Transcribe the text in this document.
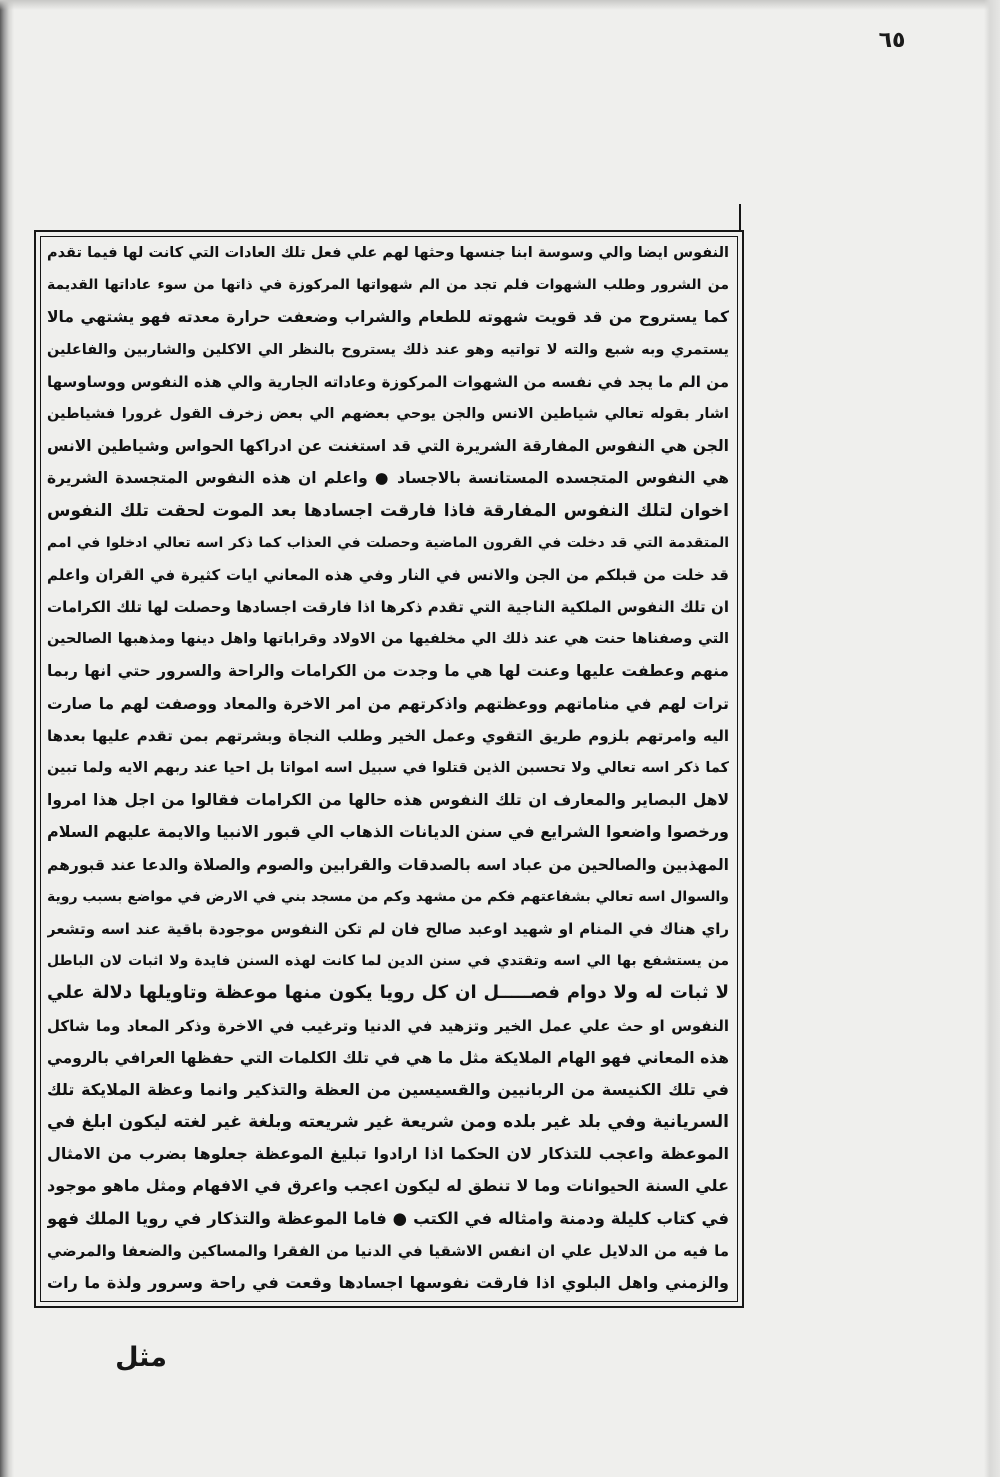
٦٥
النفوس ايضا والي وسوسة ابنا جنسها وحثها لهم علي فعل تلك العادات التي كانت لها فيما تقدم
من الشرور وطلب الشهوات فلم تجد من الم شهواتها المركوزة في ذاتها من سوء عاداتها القديمة
كما يستروح من قد قويت شهوته للطعام والشراب وضعفت حرارة معدته فهو يشتهي مالا
يستمري وبه شبع والته لا تواتيه وهو عند ذلك يستروح بالنظر الي الاكلين والشاربين والفاعلين
من الم ما يجد في نفسه من الشهوات المركوزة وعاداته الجارية والي هذه النفوس ووساوسها
اشار بقوله تعالي شياطين الانس والجن يوحي بعضهم الي بعض زخرف القول غرورا فشياطين
الجن هي النفوس المفارقة الشريرة التي قد استغنت عن ادراكها الحواس وشياطين الانس
هي النفوس المتجسده المستانسة بالاجساد ● واعلم ان هذه النفوس المتجسدة الشريرة
اخوان لتلك النفوس المفارقة فاذا فارقت اجسادها بعد الموت لحقت تلك النفوس
المتقدمة التي قد دخلت في القرون الماضية وحصلت في العذاب كما ذكر اسه تعالي ادخلوا في امم
قد خلت من قبلكم من الجن والانس في النار وفي هذه المعاني ايات كثيرة في القران واعلم
ان تلك النفوس الملكية الناجية التي تقدم ذكرها اذا فارقت اجسادها وحصلت لها تلك الكرامات
التي وصفناها حنت هي عند ذلك الي مخلفيها من الاولاد وقراباتها واهل دينها ومذهبها الصالحين
منهم وعطفت عليها وعنت لها هي ما وجدت من الكرامات والراحة والسرور حتي انها ربما
ترات لهم في مناماتهم ووعظتهم واذكرتهم من امر الاخرة والمعاد ووصفت لهم ما صارت
اليه وامرتهم بلزوم طريق التقوي وعمل الخير وطلب النجاة وبشرتهم بمن تقدم عليها بعدها
كما ذكر اسه تعالي ولا تحسبن الذين قتلوا في سبيل اسه امواتا بل احيا عند ربهم الايه ولما تبين
لاهل البصاير والمعارف ان تلك النفوس هذه حالها من الكرامات فقالوا من اجل هذا امروا
ورخصوا واضعوا الشرايع في سنن الديانات الذهاب الي قبور الانبيا والايمة عليهم السلام
المهذبين والصالحين من عباد اسه بالصدقات والقرابين والصوم والصلاة والدعا عند قبورهم
والسوال اسه تعالي بشفاعتهم فكم من مشهد وكم من مسجد بني في الارض في مواضع بسبب روية
راي هناك في المنام او شهيد اوعبد صالح فان لم تكن النفوس موجودة باقية عند اسه وتشعر
من يستشفع بها الي اسه وتقتدي في سنن الدين لما كانت لهذه السنن فايدة ولا اثبات لان الباطل
لا ثبات له ولا دوام فصـــــل ان كل رويا يكون منها موعظة وتاويلها دلالة علي
النفوس او حث علي عمل الخير وتزهيد في الدنيا وترغيب في الاخرة وذكر المعاد وما شاكل
هذه المعاني فهو الهام الملايكة مثل ما هي في تلك الكلمات التي حفظها العرافي بالرومي
في تلك الكنيسة من الربانيين والقسيسين من العظة والتذكير وانما وعظة الملايكة تلك
السريانية وفي بلد غير بلده ومن شريعة غير شريعته وبلغة غير لغته ليكون ابلغ في
الموعظة واعجب للتذكار لان الحكما اذا ارادوا تبليغ الموعظة جعلوها بضرب من الامثال
علي السنة الحيوانات وما لا تنطق له ليكون اعجب واعرق في الافهام ومثل ماهو موجود
في كتاب كليلة ودمنة وامثاله في الكتب ● فاما الموعظة والتذكار في رويا الملك فهو
ما فيه من الدلايل علي ان انفس الاشقيا في الدنيا من الفقرا والمساكين والضعفا والمرضي
والزمني واهل البلوي اذا فارقت نفوسها اجسادها وقعت في راحة وسرور ولذة ما رات
مثل
